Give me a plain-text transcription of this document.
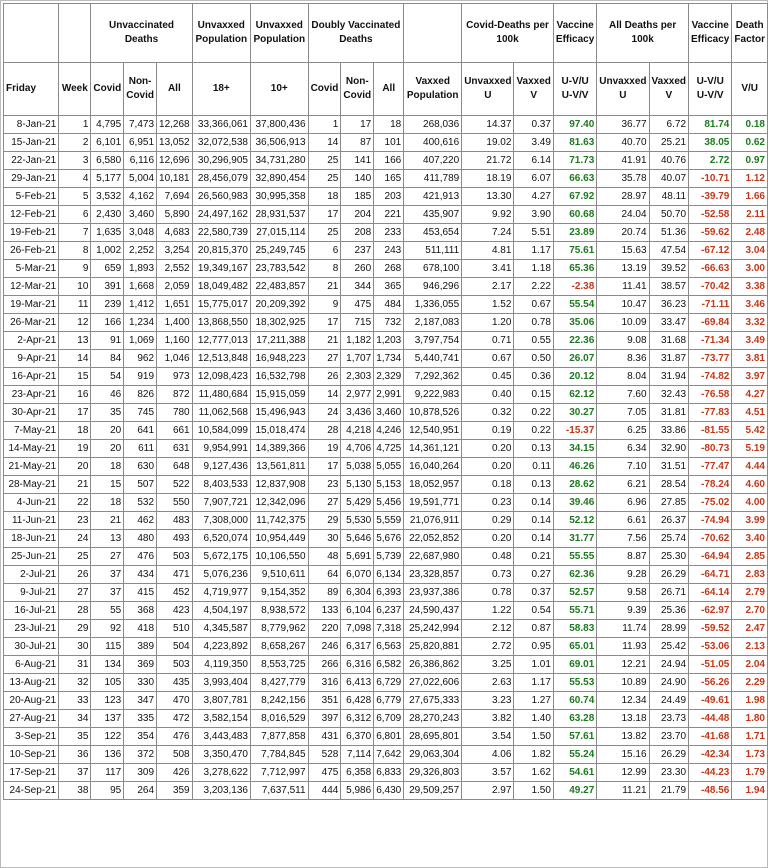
		Unvaccinated Deaths			Unvaxxed Population	Unvaxxed Population	Doubly Vaccinated Deaths				Covid-Deaths per 100k		Vaccine Efficacy	All Deaths per 100k		Vaccine Efficacy	Death Factor
Friday	Week	Covid	Non-Covid	All	18+	10+	Covid	Non-Covid	All	Vaxxed Population	Unvaxxed U	Vaxxed V	U-V/U U-V/V	Unvaxxed U	Vaxxed V	U-V/U U-V/V	V/U
8-Jan-21	1	4,795	7,473	12,268	33,366,061	37,800,436	1	17	18	268,036	14.37	0.37	97.40	36.77	6.72	81.74	0.18
15-Jan-21	2	6,101	6,951	13,052	32,072,538	36,506,913	14	87	101	400,616	19.02	3.49	81.63	40.70	25.21	38.05	0.62
22-Jan-21	3	6,580	6,116	12,696	30,296,905	34,731,280	25	141	166	407,220	21.72	6.14	71.73	41.91	40.76	2.72	0.97
29-Jan-21	4	5,177	5,004	10,181	28,456,079	32,890,454	25	140	165	411,789	18.19	6.07	66.63	35.78	40.07	-10.71	1.12
5-Feb-21	5	3,532	4,162	7,694	26,560,983	30,995,358	18	185	203	421,913	13.30	4.27	67.92	28.97	48.11	-39.79	1.66
12-Feb-21	6	2,430	3,460	5,890	24,497,162	28,931,537	17	204	221	435,907	9.92	3.90	60.68	24.04	50.70	-52.58	2.11
19-Feb-21	7	1,635	3,048	4,683	22,580,739	27,015,114	25	208	233	453,654	7.24	5.51	23.89	20.74	51.36	-59.62	2.48
26-Feb-21	8	1,002	2,252	3,254	20,815,370	25,249,745	6	237	243	511,111	4.81	1.17	75.61	15.63	47.54	-67.12	3.04
5-Mar-21	9	659	1,893	2,552	19,349,167	23,783,542	8	260	268	678,100	3.41	1.18	65.36	13.19	39.52	-66.63	3.00
12-Mar-21	10	391	1,668	2,059	18,049,482	22,483,857	21	344	365	946,296	2.17	2.22	-2.38	11.41	38.57	-70.42	3.38
19-Mar-21	11	239	1,412	1,651	15,775,017	20,209,392	9	475	484	1,336,055	1.52	0.67	55.54	10.47	36.23	-71.11	3.46
26-Mar-21	12	166	1,234	1,400	13,868,550	18,302,925	17	715	732	2,187,083	1.20	0.78	35.06	10.09	33.47	-69.84	3.32
2-Apr-21	13	91	1,069	1,160	12,777,013	17,211,388	21	1,182	1,203	3,797,754	0.71	0.55	22.36	9.08	31.68	-71.34	3.49
9-Apr-21	14	84	962	1,046	12,513,848	16,948,223	27	1,707	1,734	5,440,741	0.67	0.50	26.07	8.36	31.87	-73.77	3.81
16-Apr-21	15	54	919	973	12,098,423	16,532,798	26	2,303	2,329	7,292,362	0.45	0.36	20.12	8.04	31.94	-74.82	3.97
23-Apr-21	16	46	826	872	11,480,684	15,915,059	14	2,977	2,991	9,222,983	0.40	0.15	62.12	7.60	32.43	-76.58	4.27
30-Apr-21	17	35	745	780	11,062,568	15,496,943	24	3,436	3,460	10,878,526	0.32	0.22	30.27	7.05	31.81	-77.83	4.51
7-May-21	18	20	641	661	10,584,099	15,018,474	28	4,218	4,246	12,540,951	0.19	0.22	-15.37	6.25	33.86	-81.55	5.42
14-May-21	19	20	611	631	9,954,991	14,389,366	19	4,706	4,725	14,361,121	0.20	0.13	34.15	6.34	32.90	-80.73	5.19
21-May-21	20	18	630	648	9,127,436	13,561,811	17	5,038	5,055	16,040,264	0.20	0.11	46.26	7.10	31.51	-77.47	4.44
28-May-21	21	15	507	522	8,403,533	12,837,908	23	5,130	5,153	18,052,957	0.18	0.13	28.62	6.21	28.54	-78.24	4.60
4-Jun-21	22	18	532	550	7,907,721	12,342,096	27	5,429	5,456	19,591,771	0.23	0.14	39.46	6.96	27.85	-75.02	4.00
11-Jun-21	23	21	462	483	7,308,000	11,742,375	29	5,530	5,559	21,076,911	0.29	0.14	52.12	6.61	26.37	-74.94	3.99
18-Jun-21	24	13	480	493	6,520,074	10,954,449	30	5,646	5,676	22,052,852	0.20	0.14	31.77	7.56	25.74	-70.62	3.40
25-Jun-21	25	27	476	503	5,672,175	10,106,550	48	5,691	5,739	22,687,980	0.48	0.21	55.55	8.87	25.30	-64.94	2.85
2-Jul-21	26	37	434	471	5,076,236	9,510,611	64	6,070	6,134	23,328,857	0.73	0.27	62.36	9.28	26.29	-64.71	2.83
9-Jul-21	27	37	415	452	4,719,977	9,154,352	89	6,304	6,393	23,937,386	0.78	0.37	52.57	9.58	26.71	-64.14	2.79
16-Jul-21	28	55	368	423	4,504,197	8,938,572	133	6,104	6,237	24,590,437	1.22	0.54	55.71	9.39	25.36	-62.97	2.70
23-Jul-21	29	92	418	510	4,345,587	8,779,962	220	7,098	7,318	25,242,994	2.12	0.87	58.83	11.74	28.99	-59.52	2.47
30-Jul-21	30	115	389	504	4,223,892	8,658,267	246	6,317	6,563	25,820,881	2.72	0.95	65.01	11.93	25.42	-53.06	2.13
6-Aug-21	31	134	369	503	4,119,350	8,553,725	266	6,316	6,582	26,386,862	3.25	1.01	69.01	12.21	24.94	-51.05	2.04
13-Aug-21	32	105	330	435	3,993,404	8,427,779	316	6,413	6,729	27,022,606	2.63	1.17	55.53	10.89	24.90	-56.26	2.29
20-Aug-21	33	123	347	470	3,807,781	8,242,156	351	6,428	6,779	27,675,333	3.23	1.27	60.74	12.34	24.49	-49.61	1.98
27-Aug-21	34	137	335	472	3,582,154	8,016,529	397	6,312	6,709	28,270,243	3.82	1.40	63.28	13.18	23.73	-44.48	1.80
3-Sep-21	35	122	354	476	3,443,483	7,877,858	431	6,370	6,801	28,695,801	3.54	1.50	57.61	13.82	23.70	-41.68	1.71
10-Sep-21	36	136	372	508	3,350,470	7,784,845	528	7,114	7,642	29,063,304	4.06	1.82	55.24	15.16	26.29	-42.34	1.73
17-Sep-21	37	117	309	426	3,278,622	7,712,997	475	6,358	6,833	29,326,803	3.57	1.62	54.61	12.99	23.30	-44.23	1.79
24-Sep-21	38	95	264	359	3,203,136	7,637,511	444	5,986	6,430	29,509,257	2.97	1.50	49.27	11.21	21.79	-48.56	1.94
